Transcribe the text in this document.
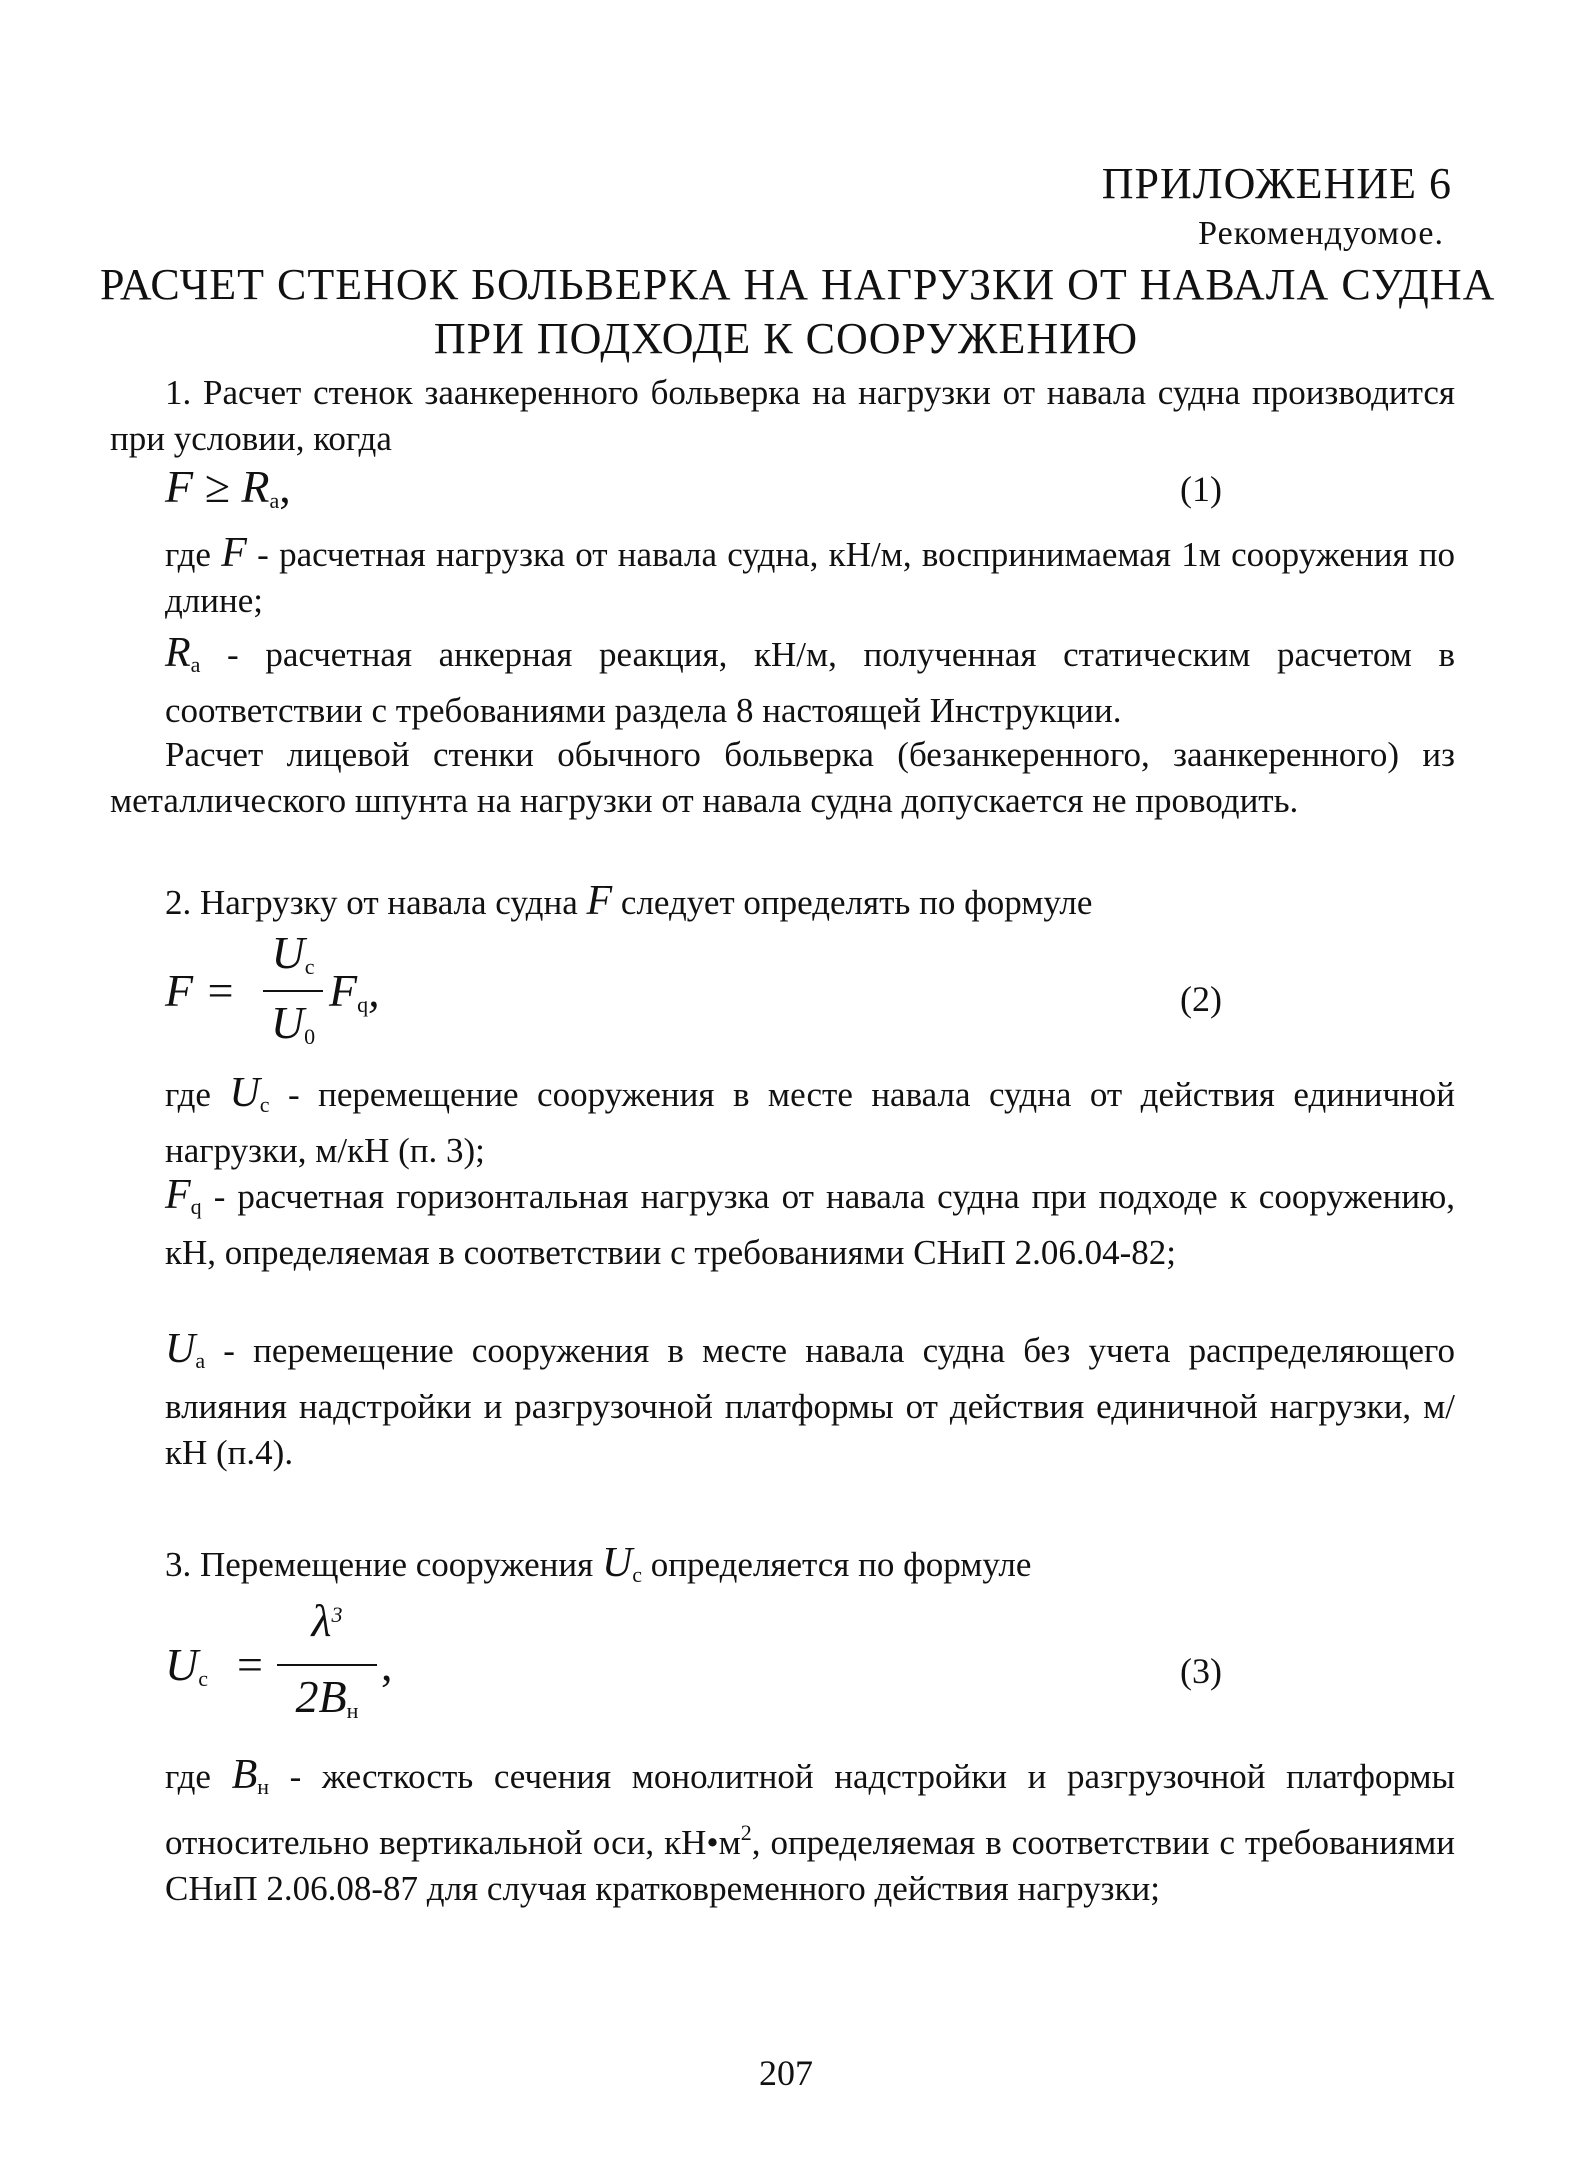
ПРИЛОЖЕНИЕ 6
Рекомендуомое.
РАСЧЕТ СТЕНОК БОЛЬВЕРКА НА НАГРУЗКИ ОТ НАВАЛА СУДНА
ПРИ ПОДХОДЕ К СООРУЖЕНИЮ
1. Расчет стенок заанкеренного больверка на нагрузки от навала судна производится при условии, когда
$F \ge R_a$,	(1)
где F - расчетная нагрузка от навала судна, кН/м, воспринимаемая 1м сооружения по длине;
$R_a$ - расчетная анкерная реакция, кН/м, полученная статическим расчетом в соответствии с требованиями раздела 8 настоящей Инструкции.
Расчет лицевой стенки обычного больверка (безанкеренного, заанкеренного) из металлического шпунта на нагрузки от навала судна допускается не проводить.
2. Нагрузку от навала судна F следует определять по формуле
F =
$U_c$
$U_0$
$F_q$,	(2)
где $U_c$ - перемещение сооружения в месте навала судна от действия единичной нагрузки, м/кН (п. 3);
$F_q$ - расчетная горизонтальная нагрузка от навала судна при подходе к сооружению, кН, определяемая в соответствии с требованиями СНиП 2.06.04-82;
$U_a$ - перемещение сооружения в месте навала судна без учета распределяющего влияния надстройки и разгрузочной платформы от действия единичной нагрузки, м/кН (п.4).
3. Перемещение сооружения $U_c$ определяется по формуле
$U_c$ =
$\lambda^3$
$2B_н$
,	(3)
где $B_н$ - жесткость сечения монолитной надстройки и разгрузочной платформы относительно вертикальной оси, $кН•м^2$, определяемая в соответствии с требованиями СНиП 2.06.08-87 для случая кратковременного действия нагрузки;
207
